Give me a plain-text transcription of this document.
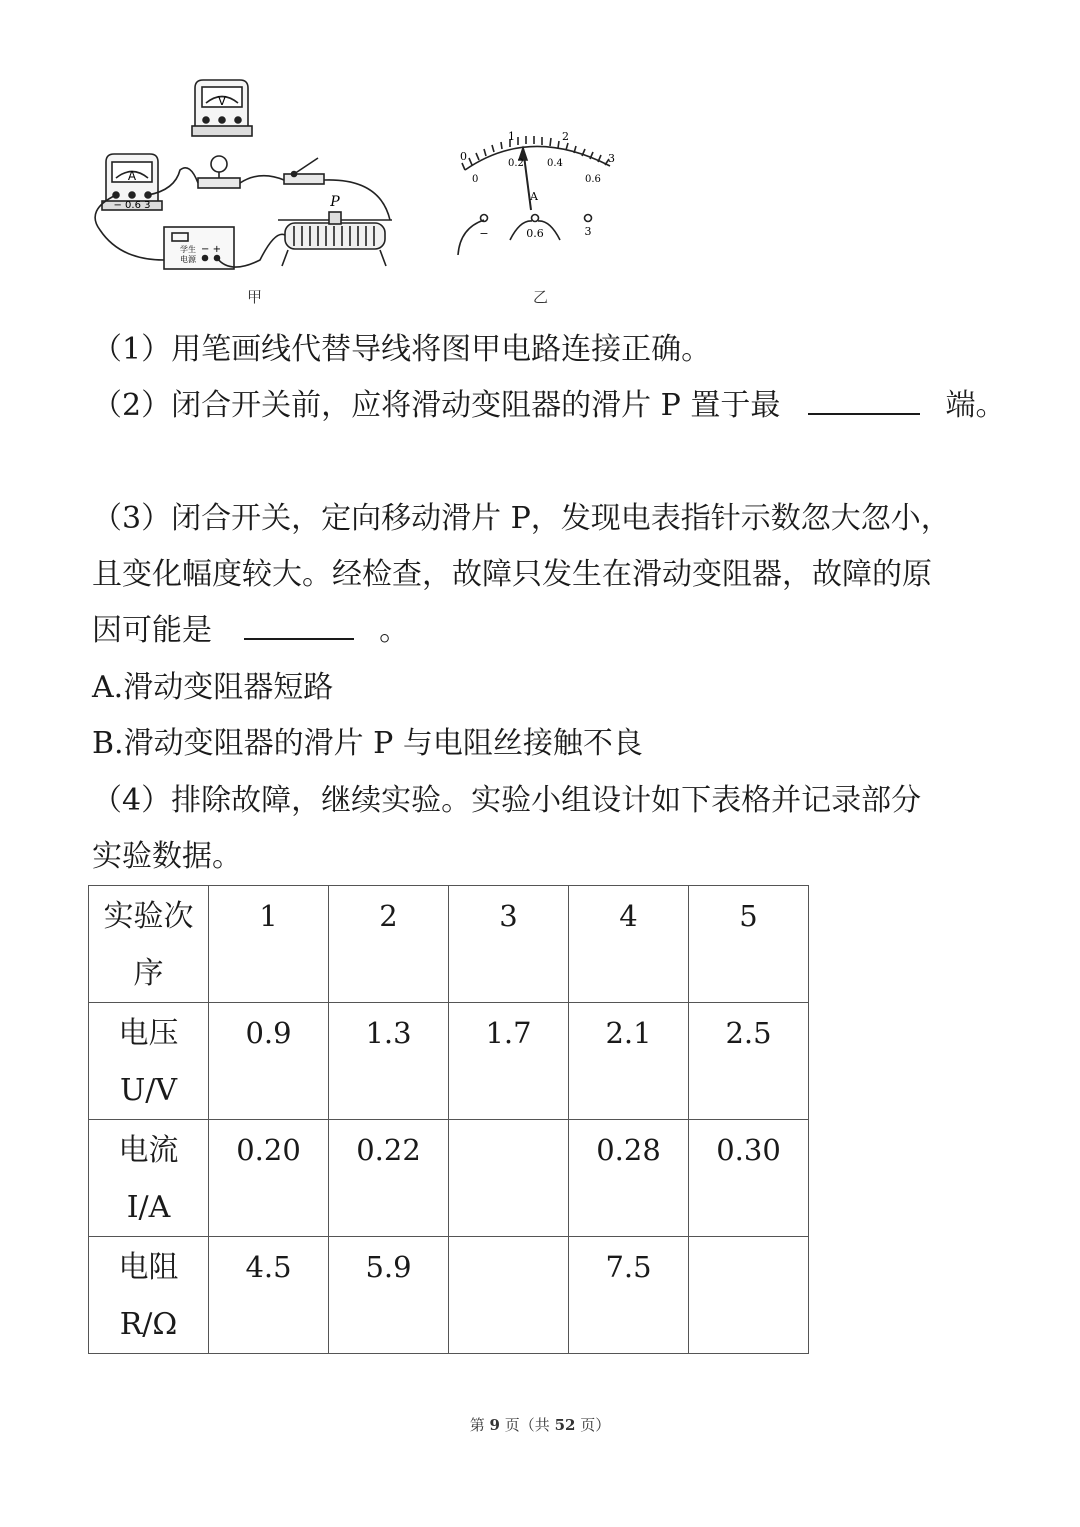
V
A
− 0.6 3	P
学生
电源
− +
0
1	2
3
0
0.2 0.4
0.6
A
−	0.6	3
甲	乙
（1）用笔画线代替导线将图甲电路连接正确。
（2）闭合开关前，应将滑动变阻器的滑片 P 置于最	端。
（3）闭合开关，定向移动滑片 P，发现电表指针示数忽大忽小，
且变化幅度较大。经检查，故障只发生在滑动变阻器，故障的原
因可能是	。
A.滑动变阻器短路
B.滑动变阻器的滑片 P 与电阻丝接触不良
（4）排除故障，继续实验。实验小组设计如下表格并记录部分
实验数据。
实验次
序	1	2	3	4	5
电压
U/V	0.9	1.3	1.7	2.1	2.5
电流
I/A	0.20	0.22		0.28	0.30
电阻
R/Ω	4.5	5.9		7.5	
第 9 页（共 52 页）
